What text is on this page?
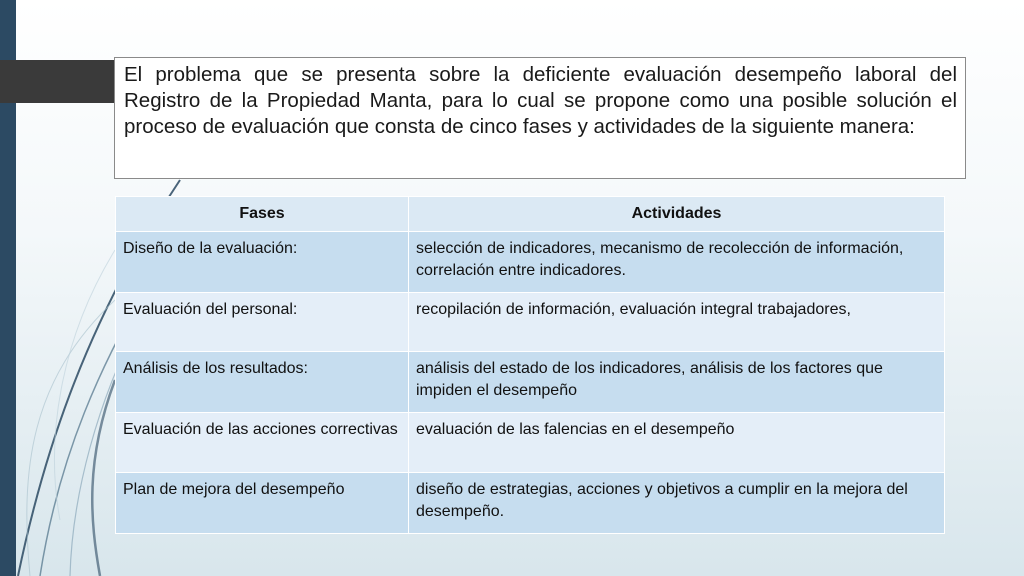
El problema que se presenta sobre la deficiente evaluación desempeño laboral del Registro de la Propiedad Manta, para lo cual se propone como una posible solución el proceso de evaluación que consta de cinco fases y actividades de la siguiente manera:
Fases	Actividades
Diseño de la evaluación:	selección de indicadores, mecanismo de recolección de información, correlación entre indicadores.
Evaluación del personal:	recopilación de información, evaluación integral trabajadores,
Análisis de los resultados:	análisis del estado de los indicadores, análisis de los factores que impiden el desempeño
Evaluación de las acciones correctivas	evaluación de las falencias en el desempeño
Plan de mejora del desempeño	diseño de estrategias, acciones y objetivos a cumplir en la mejora del desempeño.
